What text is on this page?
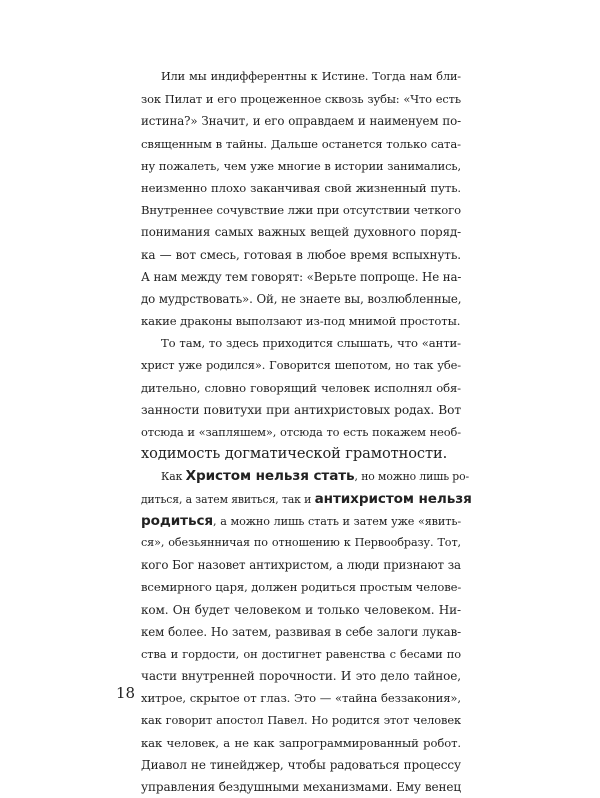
Или мы индифферентны к Истине. Тогда нам бли-
зок Пилат и его процеженное сквозь зубы: «Что есть
истина?» Значит, и его оправдаем и наименуем по-
священным в тайны. Дальше останется только сата-
ну пожалеть, чем уже многие в истории занимались,
неизменно плохо заканчивая свой жизненный путь.
Внутреннее сочувствие лжи при отсутствии четкого
понимания самых важных вещей духовного поряд-
ка — вот смесь, готовая в любое время вспыхнуть.
А нам между тем говорят: «Верьте попроще. Не на-
до мудрствовать». Ой, не знаете вы, возлюбленные,
какие драконы выползают из-под мнимой простоты.
То там, то здесь приходится слышать, что «анти-
христ уже родился». Говорится шепотом, но так убе-
дительно, словно говорящий человек исполнял обя-
занности повитухи при антихристовых родах. Вот
отсюда и «запляшем», отсюда то есть покажем необ-
ходимость догматической грамотности.
Как Христом нельзя стать, но можно лишь ро-
диться, а затем явиться, так и антихристом нельзя
родиться, а можно лишь стать и затем уже «явить-
ся», обезьянничая по отношению к Первообразу. Тот,
кого Бог назовет антихристом, а люди признают за
всемирного царя, должен родиться простым челове-
ком. Он будет человеком и только человеком. Ни-
кем более. Но затем, развивая в себе залоги лукав-
ства и гордости, он достигнет равенства с бесами по
части внутренней порочности. И это дело тайное,
хитрое, скрытое от глаз. Это — «тайна беззакония»,
как говорит апостол Павел. Но родится этот человек
как человек, а не как запрограммированный робот.
Диавол не тинейджер, чтобы радоваться процессу
управления бездушными механизмами. Ему венец
18
